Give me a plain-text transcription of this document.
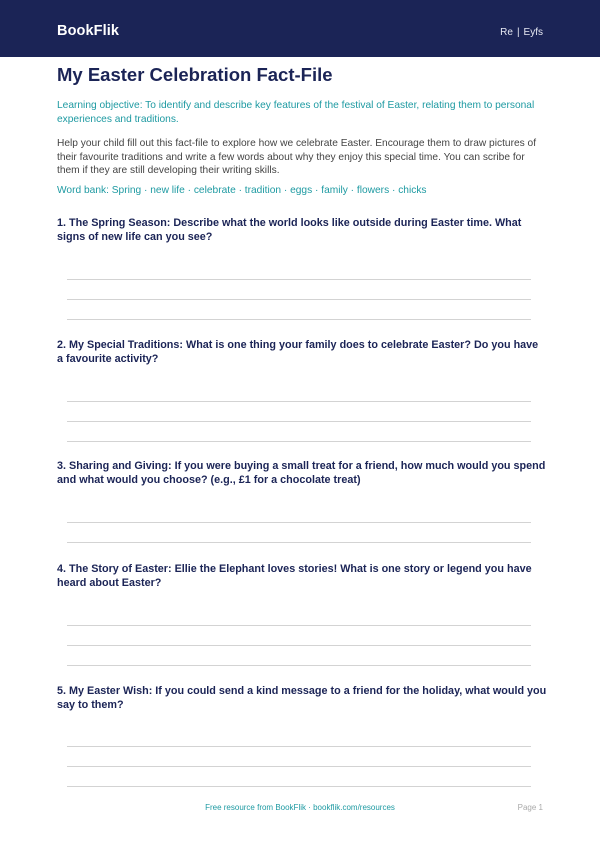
BookFlik	Re | Eyfs
My Easter Celebration Fact-File

Learning objective: To identify and describe key features of the festival of Easter, relating them to personal experiences and traditions.

Help your child fill out this fact-file to explore how we celebrate Easter. Encourage them to draw pictures of their favourite traditions and write a few words about why they enjoy this special time. You can scribe for them if they are still developing their writing skills.

Word bank: Spring · new life · celebrate · tradition · eggs · family · flowers · chicks

1. The Spring Season: Describe what the world looks like outside during Easter time. What signs of new life can you see?

2. My Special Traditions: What is one thing your family does to celebrate Easter? Do you have a favourite activity?

3. Sharing and Giving: If you were buying a small treat for a friend, how much would you spend and what would you choose? (e.g., £1 for a chocolate treat)

4. The Story of Easter: Ellie the Elephant loves stories! What is one story or legend you have heard about Easter?

5. My Easter Wish: If you could send a kind message to a friend for the holiday, what would you say to them?

Free resource from BookFlik · bookflik.com/resources	Page 1
